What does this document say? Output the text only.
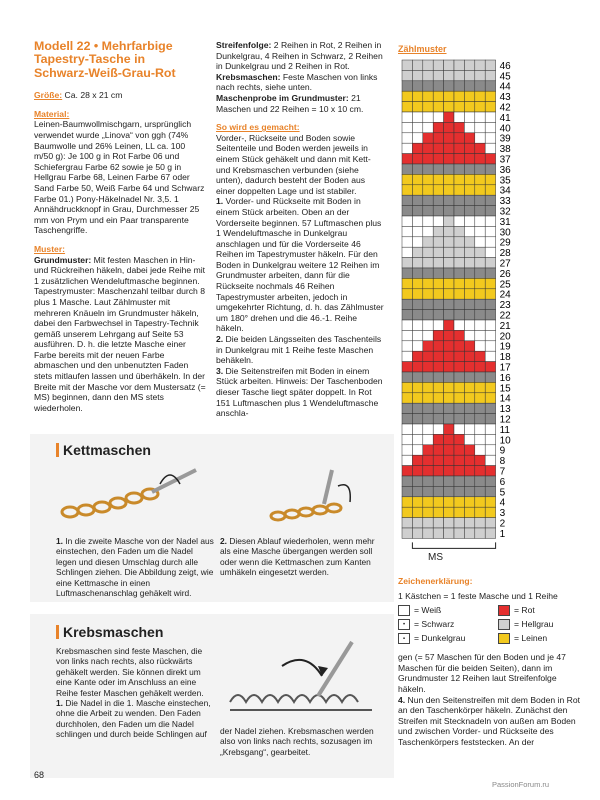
Modell 22 • Mehrfarbige
Tapestry-Tasche in
Schwarz-Weiß-Grau-Rot

Größe: Ca. 28 x 21 cm

Material:

Leinen-Baumwollmischgarn, ursprünglich verwendet wurde „Linova“ von ggh (74% Baumwolle und 26% Leinen, LL ca. 100 m/50 g): Je 100 g in Rot Farbe 06 und Schiefergrau Farbe 62 sowie je 50 g in Hellgrau Farbe 68, Leinen Farbe 67 oder Sand Farbe 50, Weiß Farbe 64 und Schwarz Farbe 01.) Pony-Häkelnadel Nr. 3,5. 1 Annähdruckknopf in Grau, Durchmesser 25 mm von Prym und ein Paar transparente Taschengriffe.

Muster:

Grundmuster: Mit festen Maschen in Hin- und Rückreihen häkeln, dabei jede Reihe mit 1 zusätzlichen Wendeluftmasche beginnen. Tapestrymuster: Maschenzahl teilbar durch 8 plus 1 Masche. Laut Zählmuster mit mehreren Knäueln im Grundmuster häkeln, dabei den Farbwechsel in Tapestry-Technik gemäß unserem Lehrgang auf Seite 53 ausführen. D. h. die letzte Masche einer Farbe bereits mit der neuen Farbe abmaschen und den unbenutzten Faden stets mitlaufen lassen und überhäkeln. In der Breite mit der Masche vor dem Mustersatz (= MS) beginnen, dann den MS stets wiederholen.

Streifenfolge: 2 Reihen in Rot, 2 Reihen in Dunkelgrau, 4 Reihen in Schwarz, 2 Reihen in Dunkelgrau und 2 Reihen in Rot.

Krebsmaschen: Feste Maschen von links nach rechts, siehe unten.

Maschenprobe im Grundmuster: 21 Maschen und 22 Reihen = 10 x 10 cm.

So wird es gemacht:

Vorder-, Rückseite und Boden sowie Seitenteile und Boden werden jeweils in einem Stück gehäkelt und dann mit Kett- und Krebsmaschen verbunden (siehe unten), dadurch besteht der Boden aus einer doppelten Lage und ist stabiler.

1. Vorder- und Rückseite mit Boden in einem Stück arbeiten. Oben an der Vorderseite beginnen. 57 Luftmaschen plus 1 Wendeluftmasche in Dunkelgrau anschlagen und für die Vorderseite 46 Reihen im Tapestrymuster häkeln. Für den Boden in Dunkelgrau weitere 12 Reihen im Grundmuster arbeiten, dann für die Rückseite nochmals 46 Reihen Tapestrymuster arbeiten, jedoch in umgekehrter Richtung, d. h. das Zählmuster um 180° drehen und die 46.-1. Reihe häkeln.

2. Die beiden Längsseiten des Taschenteils in Dunkelgrau mit 1 Reihe feste Maschen behäkeln.

3. Die Seitenstreifen mit Boden in einem Stück arbeiten. Hinweis: Der Taschenboden dieser Tasche liegt später doppelt. In Rot 151 Luftmaschen plus 1 Wendeluftmasche anschla-

Zählmuster
46
45
44
43
42
41
40
39
38
37
36
35
34
33
32
31
30
29
28
27
26
25
24
23
22
21
20
19
18
17
16
15
14
13
12
11
10
9
8
7
6
5
4
3
2
1
MS
Zeichenerklärung:

1 Kästchen = 1 feste Masche und 1 Reihe

= Weiß	= Rot
•	= Schwarz	= Hellgrau
▪	= Dunkelgrau	= Leinen

gen (= 57 Maschen für den Boden und je 47 Maschen für die beiden Seiten), dann im Grundmuster 12 Reihen laut Streifenfolge häkeln.

4. Nun den Seitenstreifen mit dem Boden in Rot an den Taschenkörper häkeln. Zunächst den Streifen mit Stecknadeln von außen am Boden und zwischen Vorder- und Rückseite des Taschenkörpers feststecken. An der

Kettmaschen
1. In die zweite Masche von der Nadel aus einstechen, den Faden um die Nadel legen und diesen Umschlag durch alle Schlingen ziehen. Die Abbildung zeigt, wie eine Kettmasche in einen Luftmaschenanschlag gehäkelt wird.
2. Diesen Ablauf wiederholen, wenn mehr als eine Masche übergangen werden soll oder wenn die Kettmaschen zum Kanten umhäkeln eingesetzt werden.
Krebsmaschen

Krebsmaschen sind feste Maschen, die von links nach rechts, also rückwärts gehäkelt werden. Sie können direkt um eine Kante oder im Anschluss an eine Reihe fester Maschen gehäkelt werden.

1. Die Nadel in die 1. Masche einstechen, ohne die Arbeit zu wenden. Den Faden durchholen, den Faden um die Nadel schlingen und durch beide Schlingen auf	der Nadel ziehen. Krebsmaschen werden also von links nach rechts, sozusagen im „Krebsgang“, gearbeitet.
68
PassionForum.ru
